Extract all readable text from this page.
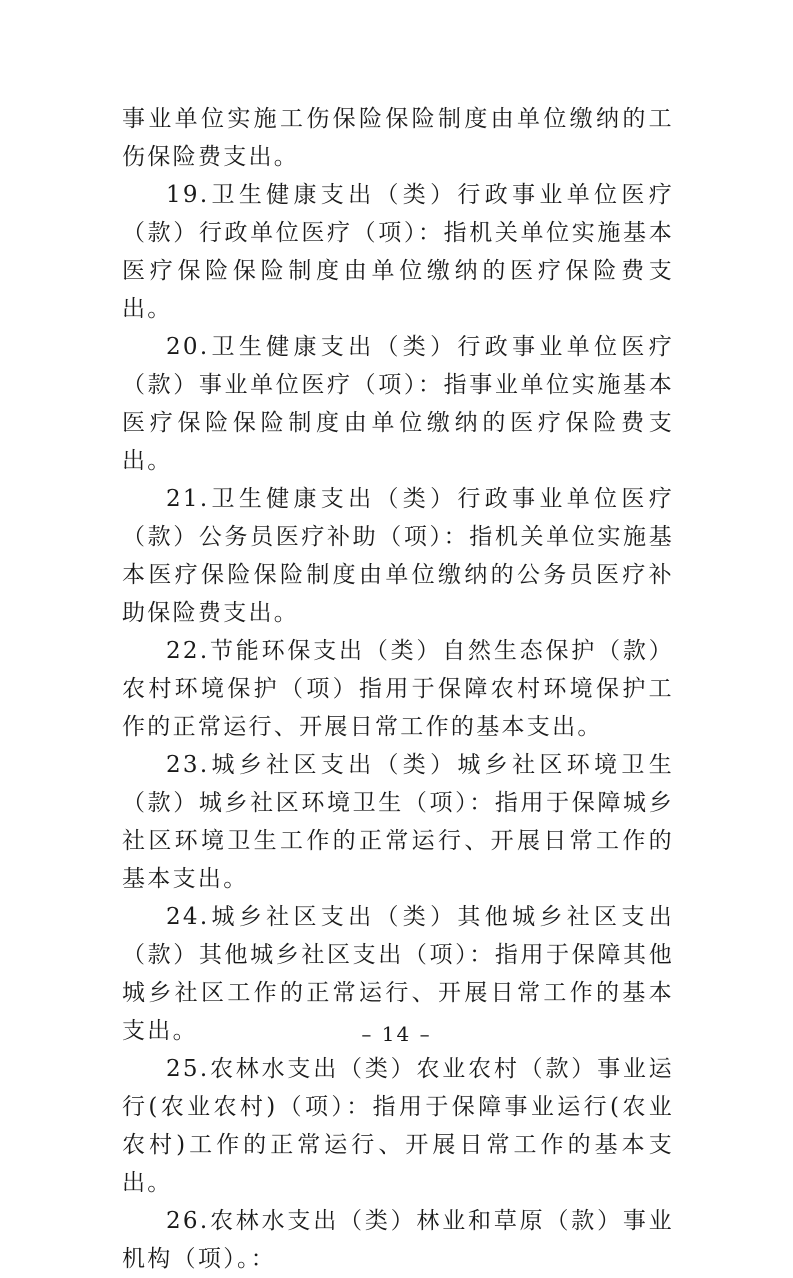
事业单位实施工伤保险保险制度由单位缴纳的工伤保险费支出。

19.卫生健康支出（类）行政事业单位医疗（款）行政单位医疗（项）：指机关单位实施基本医疗保险保险制度由单位缴纳的医疗保险费支出。

20.卫生健康支出（类）行政事业单位医疗（款）事业单位医疗（项）：指事业单位实施基本医疗保险保险制度由单位缴纳的医疗保险费支出。

21.卫生健康支出（类）行政事业单位医疗（款）公务员医疗补助（项）：指机关单位实施基本医疗保险保险制度由单位缴纳的公务员医疗补助保险费支出。

22.节能环保支出（类）自然生态保护（款）农村环境保护（项）指用于保障农村环境保护工作的正常运行、开展日常工作的基本支出。

23.城乡社区支出（类）城乡社区环境卫生（款）城乡社区环境卫生（项）：指用于保障城乡社区环境卫生工作的正常运行、开展日常工作的基本支出。

24.城乡社区支出（类）其他城乡社区支出（款）其他城乡社区支出（项）：指用于保障其他城乡社区工作的正常运行、开展日常工作的基本支出。

25.农林水支出（类）农业农村（款）事业运行(农业农村)（项）：指用于保障事业运行(农业农村)工作的正常运行、开展日常工作的基本支出。

26.农林水支出（类）林业和草原（款）事业机构（项）。：

– 14 –
